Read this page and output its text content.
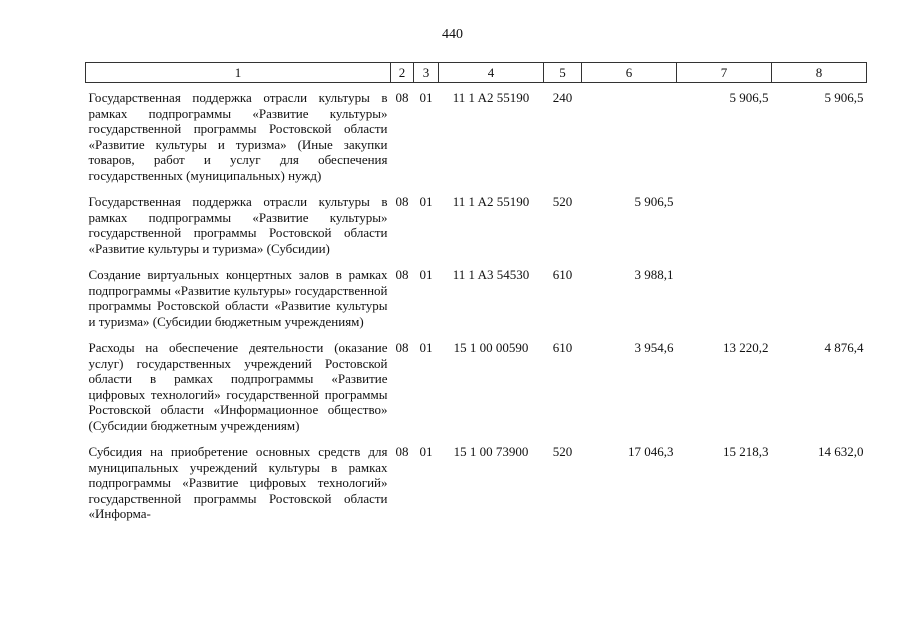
440
1	2	3	4	5	6	7	8
Государственная поддержка отрасли культуры в рамках подпрограммы «Развитие культуры» государственной программы Ростовской области «Развитие культуры и туризма» (Иные закупки товаров, работ и услуг для обеспечения государственных (муниципальных) нужд)	08	01	11 1 A2 55190	240		5 906,5	5 906,5
Государственная поддержка отрасли культуры в рамках подпрограммы «Развитие культуры» государственной программы Ростовской области «Развитие культуры и туризма» (Субсидии)	08	01	11 1 A2 55190	520	5 906,5		
Создание виртуальных концертных залов в рамках подпрограммы «Развитие культуры» государственной программы Ростовской области «Развитие культуры и туризма» (Субсидии бюджетным учреждениям)	08	01	11 1 A3 54530	610	3 988,1		
Расходы на обеспечение деятельности (оказание услуг) государственных учреждений Ростовской области в рамках подпрограммы «Развитие цифровых технологий» государственной программы Ростовской области «Информационное общество» (Субсидии бюджетным учреждениям)	08	01	15 1 00 00590	610	3 954,6	13 220,2	4 876,4
Субсидия на приобретение основных средств для муниципальных учреждений культуры в рамках подпрограммы «Развитие цифровых технологий» государственной программы Ростовской области «Информа-	08	01	15 1 00 73900	520	17 046,3	15 218,3	14 632,0
